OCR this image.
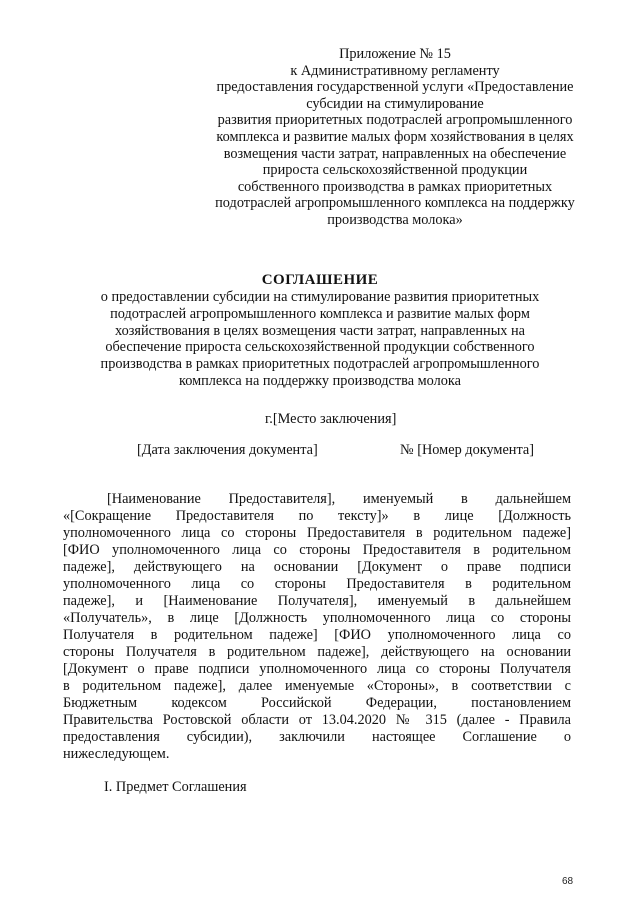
Приложение № 15
к Административному регламенту
предоставления государственной услуги «Предоставление
субсидии на стимулирование
развития приоритетных подотраслей агропромышленного
комплекса и развитие малых форм хозяйствования в целях
возмещения части затрат, направленных на обеспечение
прироста сельскохозяйственной продукции
собственного производства в рамках приоритетных
подотраслей агропромышленного комплекса на поддержку
производства молока»
СОГЛАШЕНИЕ
о предоставлении субсидии на стимулирование развития приоритетных
подотраслей агропромышленного комплекса и развитие малых форм
хозяйствования в целях возмещения части затрат, направленных на
обеспечение прироста сельскохозяйственной продукции собственного
производства в рамках приоритетных подотраслей агропромышленного
комплекса на поддержку производства молока
г.[Место заключения]
[Дата заключения документа]	№ [Номер документа]
[Наименование Предоставителя], именуемый в дальнейшем
«[Сокращение Предоставителя по тексту]» в лице [Должность
уполномоченного лица со стороны Предоставителя в родительном падеже]
[ФИО уполномоченного лица со стороны Предоставителя в родительном
падеже], действующего на основании [Документ о праве подписи
уполномоченного лица со стороны Предоставителя в родительном
падеже], и [Наименование Получателя], именуемый в дальнейшем
«Получатель», в лице [Должность уполномоченного лица со стороны
Получателя в родительном падеже] [ФИО уполномоченного лица со
стороны Получателя в родительном падеже], действующего на основании
[Документ о праве подписи уполномоченного лица со стороны Получателя
в родительном падеже], далее именуемые «Стороны», в соответствии с
Бюджетным кодексом Российской Федерации, постановлением
Правительства Ростовской области от 13.04.2020 № 315 (далее - Правила
предоставления субсидии), заключили настоящее Соглашение о
нижеследующем.
I. Предмет Соглашения
68
